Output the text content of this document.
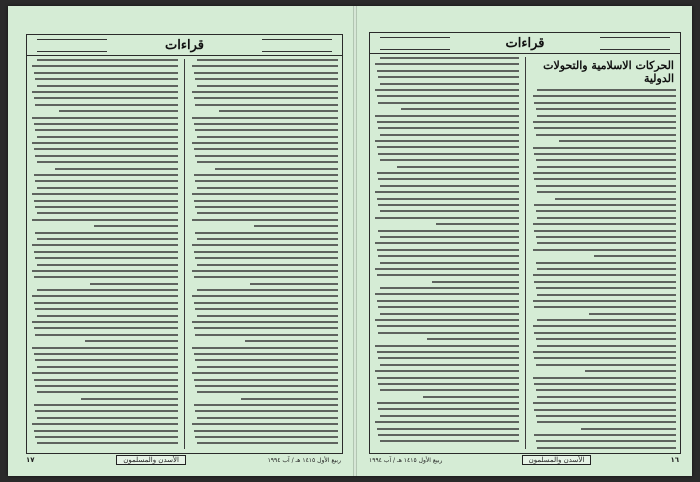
قراءات
١٧	الأسدن والمسلمون	ربيع الأول ١٤١٥ هـ / آب ١٩٩٤
قراءات
الحركات الاسلامية والتحولات الدولية
ربيع الأول ١٤١٥ هـ / آب ١٩٩٤	الأسدن والمسلمون	١٦
